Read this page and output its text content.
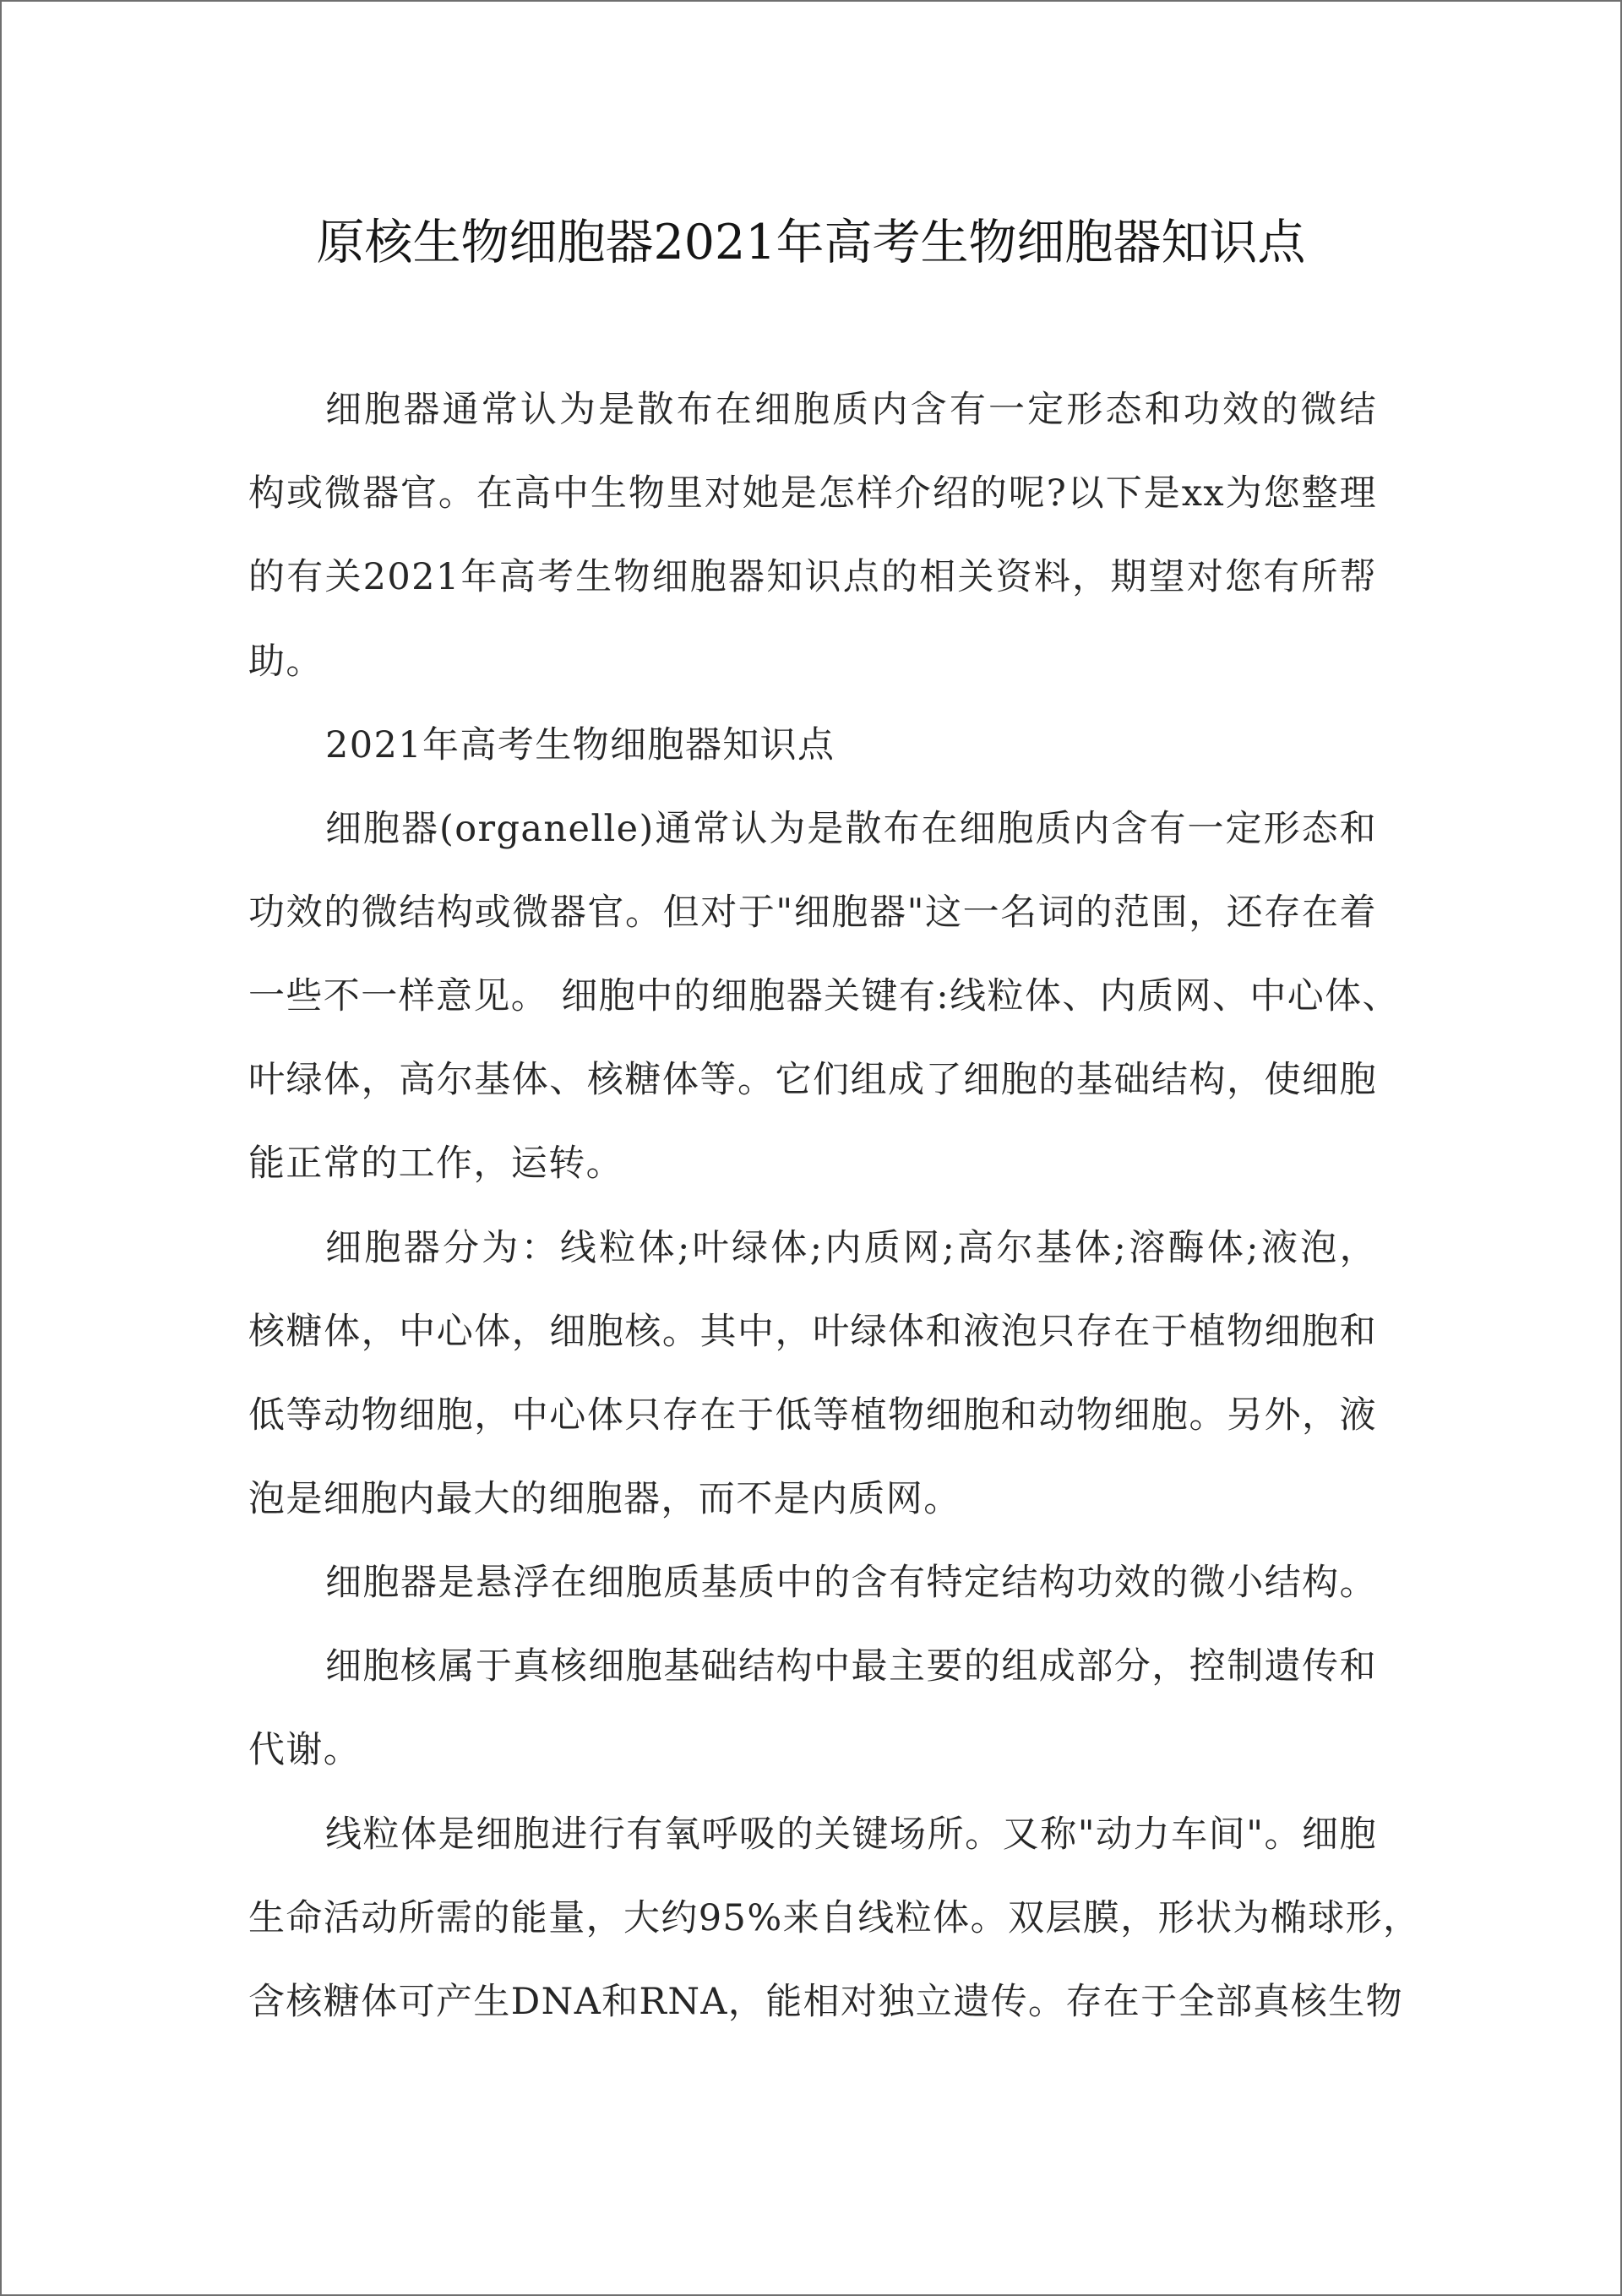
原核生物细胞器2021年高考生物细胞器知识点

细胞器通常认为是散布在细胞质内含有一定形态和功效的微结

构或微器官。在高中生物里对她是怎样介绍的呢?以下是xx为您整理

的有关2021年高考生物细胞器知识点的相关资料，期望对您有所帮

助。

2021年高考生物细胞器知识点

细胞器(organelle)通常认为是散布在细胞质内含有一定形态和

功效的微结构或微器官。但对于"细胞器"这一名词的范围，还存在着

一些不一样意见。 细胞中的细胞器关键有:线粒体、内质网、中心体、

叶绿体，高尔基体、核糖体等。它们组成了细胞的基础结构，使细胞

能正常的工作，运转。

细胞器分为：线粒体;叶绿体;内质网;高尔基体;溶酶体;液泡，

核糖体，中心体，细胞核。其中，叶绿体和液泡只存在于植物细胞和

低等动物细胞，中心体只存在于低等植物细胞和动物细胞。另外，液

泡是细胞内最大的细胞器，而不是内质网。

细胞器是悬浮在细胞质基质中的含有特定结构功效的微小结构。

细胞核属于真核细胞基础结构中最主要的组成部分，控制遗传和

代谢。

线粒体是细胞进行有氧呼吸的关键场所。又称"动力车间"。细胞

生命活动所需的能量，大约95%来自线粒体。双层膜，形状为椭球形，

含核糖体可产生DNA和RNA，能相对独立遗传。存在于全部真核生物
